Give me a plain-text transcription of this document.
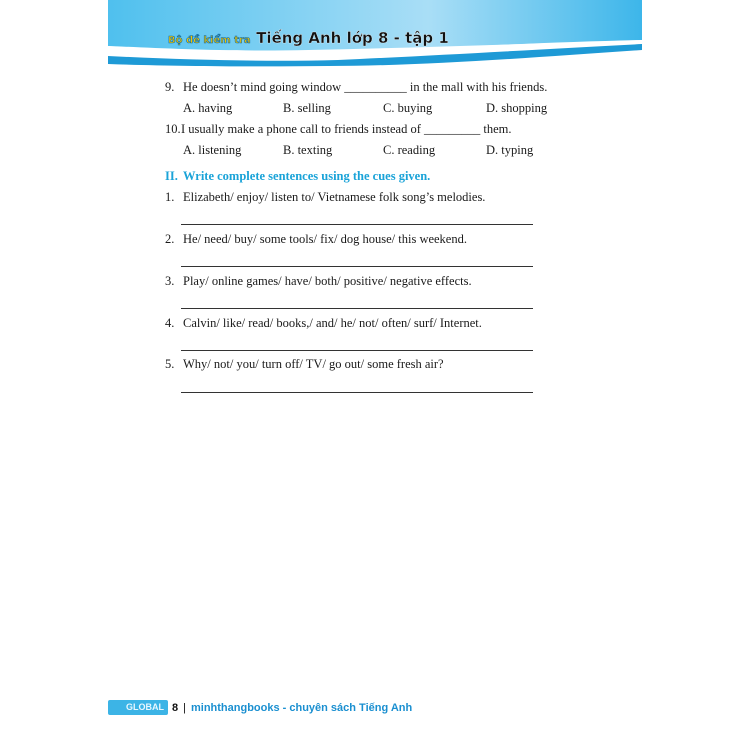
Bộ đề kiểm tra Tiếng Anh lớp 8 - tập 1
9. He doesn’t mind going window __________ in the mall with his friends.
A. having	B. selling	C. buying	D. shopping
10. I usually make a phone call to friends instead of _________ them.
A. listening	B. texting	C. reading	D. typing
II. Write complete sentences using the cues given.
1. Elizabeth/ enjoy/ listen to/ Vietnamese folk song’s melodies.
2. He/ need/ buy/ some tools/ fix/ dog house/ this weekend.
3. Play/ online games/ have/ both/ positive/ negative effects.
4. Calvin/ like/ read/ books,/ and/ he/ not/ often/ surf/ Internet.
5. Why/ not/ you/ turn off/ TV/ go out/ some fresh air?
GLOBAL 8 | minhthangbooks - chuyên sách Tiếng Anh
